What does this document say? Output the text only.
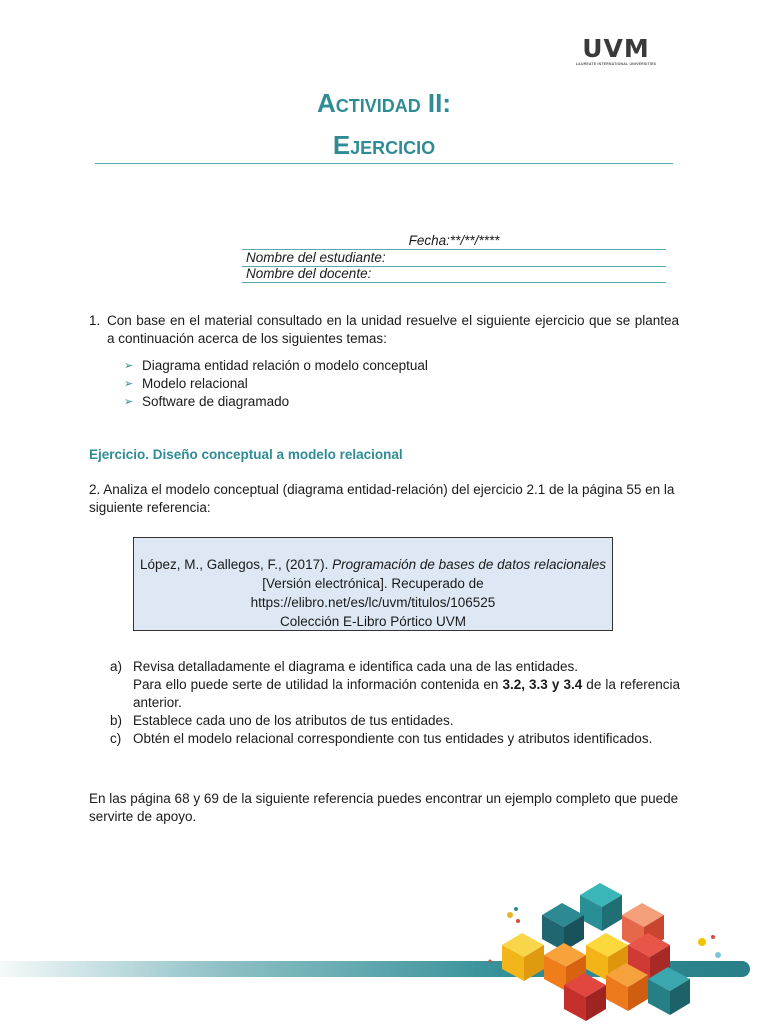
UVM
LAUREATE INTERNATIONAL UNIVERSITIES
Actividad II:
Ejercicio
Fecha:**/**/****
Nombre del estudiante:
Nombre del docente:
1. Con base en el material consultado en la unidad resuelve el siguiente ejercicio que se plantea a continuación acerca de los siguientes temas:
➢ Diagrama entidad relación o modelo conceptual
➢ Modelo relacional
➢ Software de diagramado
Ejercicio. Diseño conceptual a modelo relacional
2. Analiza el modelo conceptual (diagrama entidad-relación) del ejercicio 2.1 de la página 55 en la siguiente referencia:
López, M., Gallegos, F., (2017). Programación de bases de datos relacionales [Versión electrónica]. Recuperado de
https://elibro.net/es/lc/uvm/titulos/106525
Colección E-Libro Pórtico UVM
a) Revisa detalladamente el diagrama e identifica cada una de las entidades.
Para ello puede serte de utilidad la información contenida en 3.2, 3.3 y 3.4 de la referencia anterior.
b) Establece cada uno de los atributos de tus entidades.
c) Obtén el modelo relacional correspondiente con tus entidades y atributos identificados.
En las página 68 y 69 de la siguiente referencia puedes encontrar un ejemplo completo que puede servirte de apoyo.
